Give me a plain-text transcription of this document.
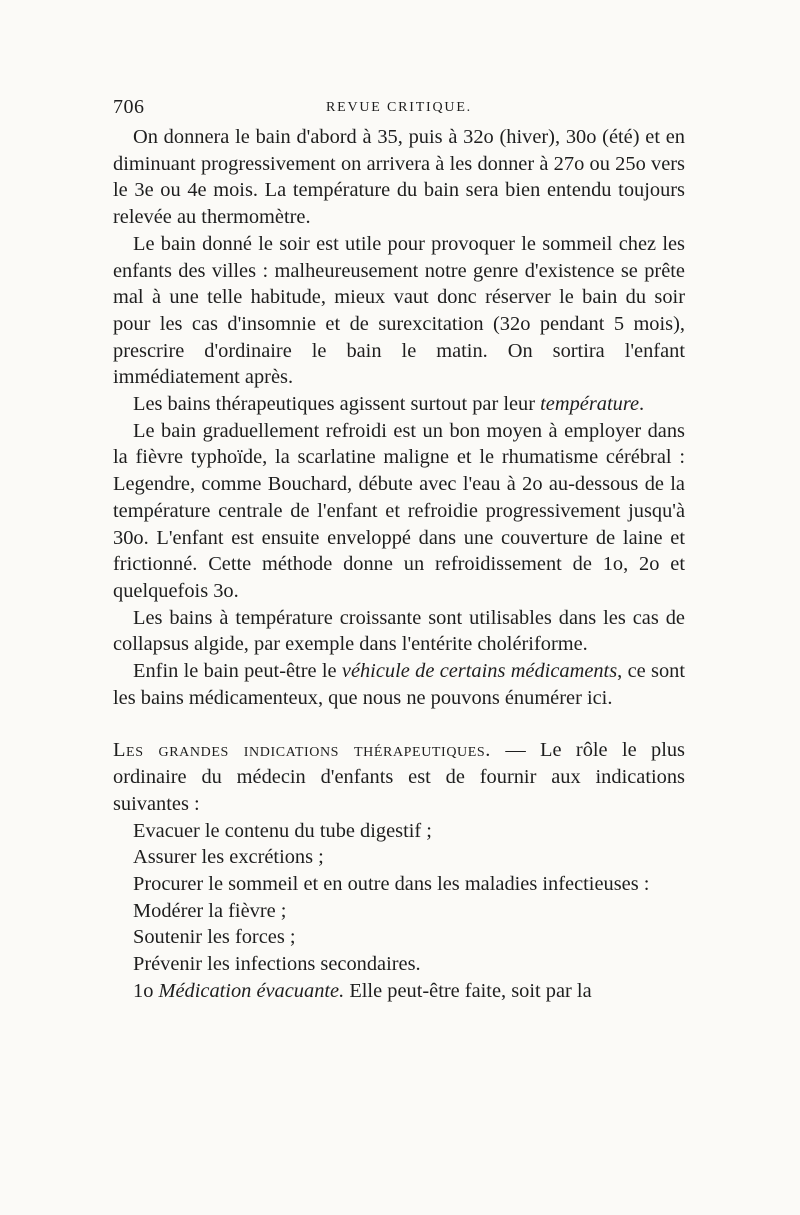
706	REVUE CRITIQUE.

On donnera le bain d'abord à 35, puis à 32o (hiver), 30o (été) et en diminuant progressivement on arrivera à les donner à 27o ou 25o vers le 3e ou 4e mois. La température du bain sera bien entendu toujours relevée au thermomètre.

Le bain donné le soir est utile pour provoquer le sommeil chez les enfants des villes : malheureusement notre genre d'existence se prête mal à une telle habitude, mieux vaut donc réserver le bain du soir pour les cas d'insomnie et de surexcitation (32o pendant 5 mois), prescrire d'ordinaire le bain le matin. On sortira l'enfant immédiatement après.

Les bains thérapeutiques agissent surtout par leur température.

Le bain graduellement refroidi est un bon moyen à employer dans la fièvre typhoïde, la scarlatine maligne et le rhumatisme cérébral : Legendre, comme Bouchard, débute avec l'eau à 2o au-dessous de la température centrale de l'enfant et refroidie progressivement jusqu'à 30o. L'enfant est ensuite enveloppé dans une couverture de laine et frictionné. Cette méthode donne un refroidissement de 1o, 2o et quelquefois 3o.

Les bains à température croissante sont utilisables dans les cas de collapsus algide, par exemple dans l'entérite cholériforme.

Enfin le bain peut-être le véhicule de certains médicaments, ce sont les bains médicamenteux, que nous ne pouvons énumérer ici.

Les grandes indications thérapeutiques. — Le rôle le plus ordinaire du médecin d'enfants est de fournir aux indications suivantes :

Evacuer le contenu du tube digestif ;

Assurer les excrétions ;

Procurer le sommeil et en outre dans les maladies infectieuses :

Modérer la fièvre ;

Soutenir les forces ;

Prévenir les infections secondaires.

1o Médication évacuante. Elle peut-être faite, soit par la
